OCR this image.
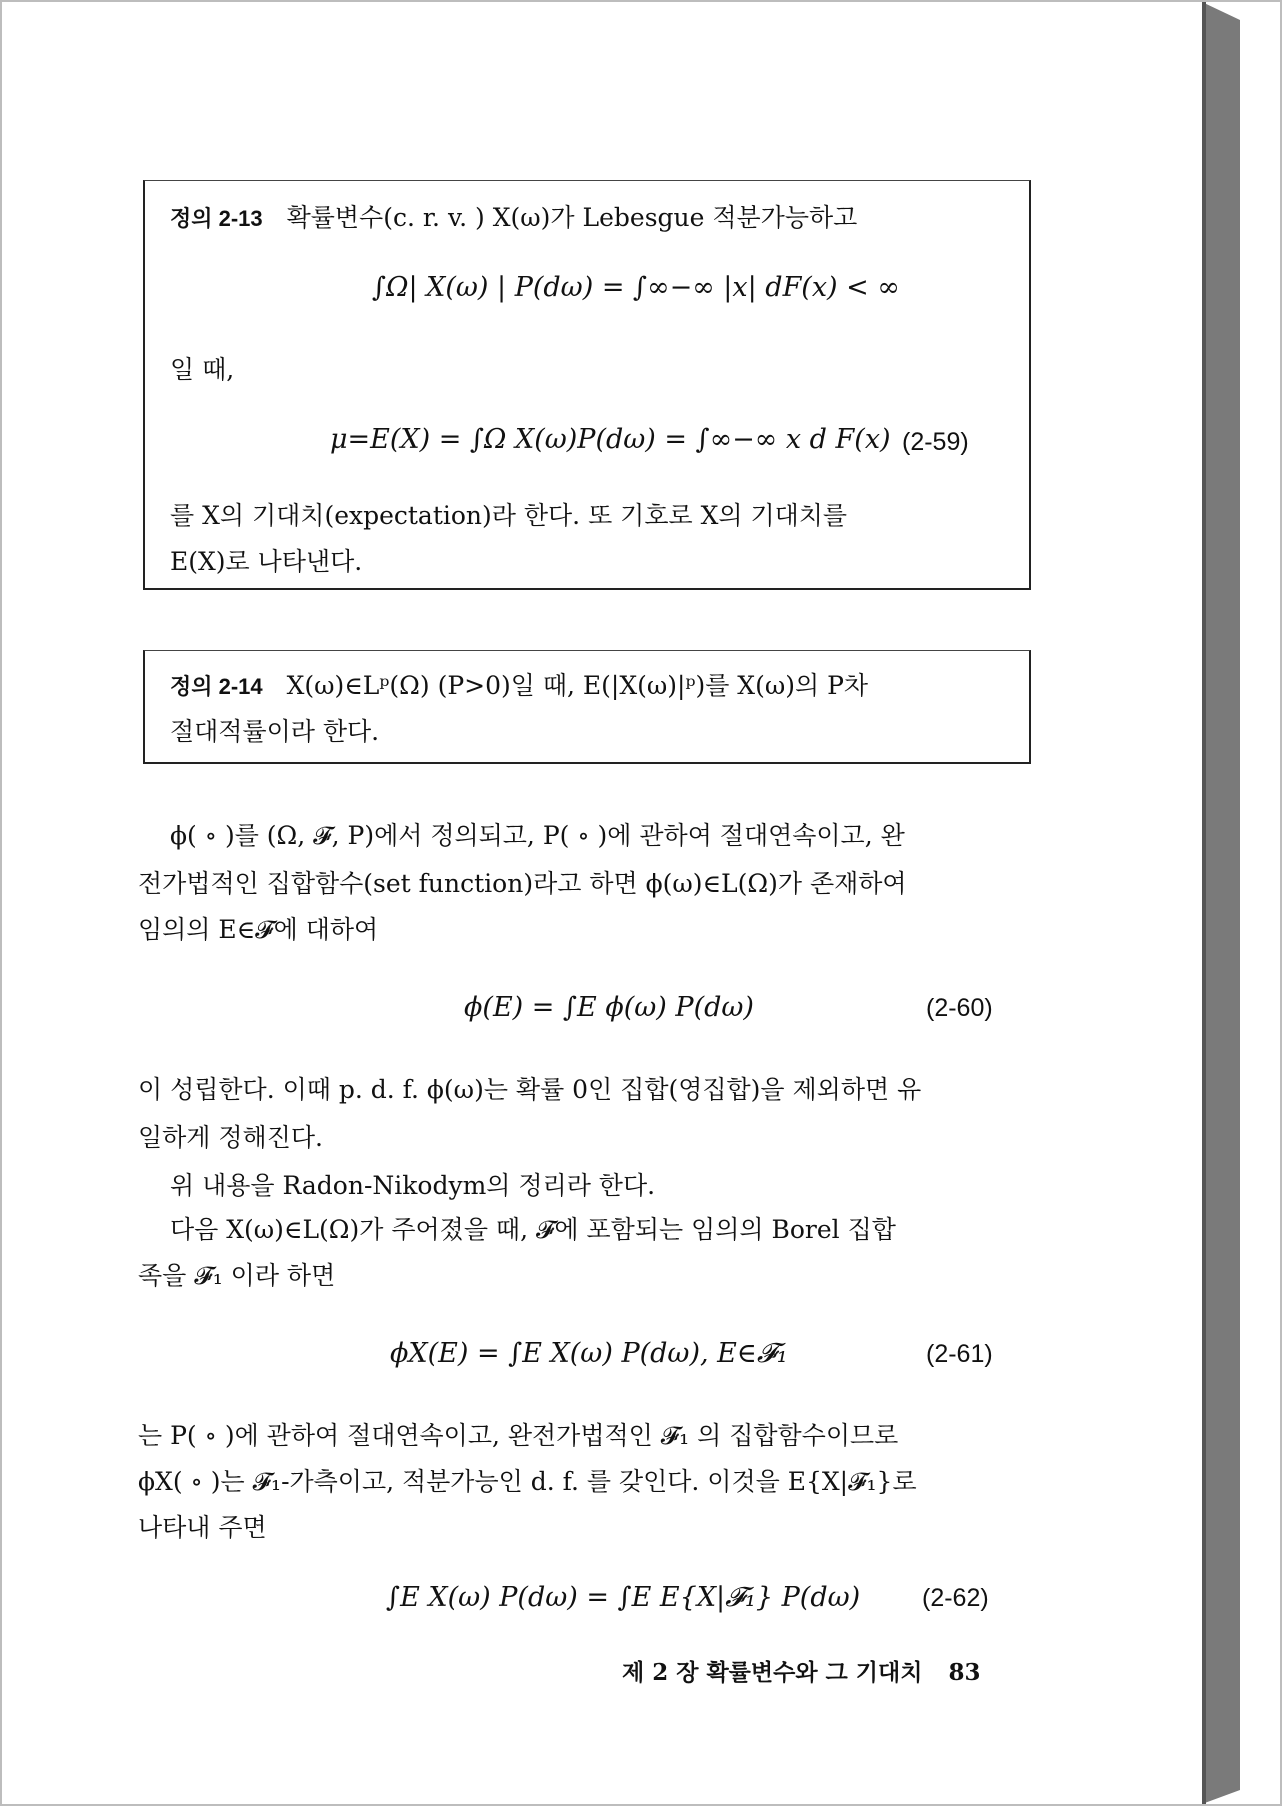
정의 2-13 확률변수(c. r. v. ) X(ω)가 Lebesgue 적분가능하고
∫Ω| X(ω) | P(dω) = ∫∞−∞ |x| dF(x) < ∞
일 때,
μ=E(X) = ∫Ω X(ω)P(dω) = ∫∞−∞ x d F(x) (2-59)
를 X의 기대치(expectation)라 한다. 또 기호로 X의 기대치를
E(X)로 나타낸다.
정의 2-14 X(ω)∈Lᵖ(Ω) (P>0)일 때, E(|X(ω)|ᵖ)를 X(ω)의 P차
절대적률이라 한다.
ϕ( ∘ )를 (Ω, 𝓕, P)에서 정의되고, P( ∘ )에 관하여 절대연속이고, 완
전가법적인 집합함수(set function)라고 하면 ϕ(ω)∈L(Ω)가 존재하여
임의의 E∈𝓕에 대하여
ϕ(E) = ∫E ϕ(ω) P(dω)	(2-60)
이 성립한다. 이때 p. d. f. ϕ(ω)는 확률 0인 집합(영집합)을 제외하면 유
일하게 정해진다.
위 내용을 Radon-Nikodym의 정리라 한다.
다음 X(ω)∈L(Ω)가 주어졌을 때, 𝓕에 포함되는 임의의 Borel 집합
족을 𝓕₁ 이라 하면
ϕX(E) = ∫E X(ω) P(dω), E∈𝓕₁	(2-61)
는 P( ∘ )에 관하여 절대연속이고, 완전가법적인 𝓕₁ 의 집합함수이므로
ϕX( ∘ )는 𝓕₁-가측이고, 적분가능인 d. f. 를 갖인다. 이것을 E{X|𝓕₁}로
나타내 주면
∫E X(ω) P(dω) = ∫E E{X|𝓕₁} P(dω) (2-62)
제 2 장 확률변수와 그 기대치 83
